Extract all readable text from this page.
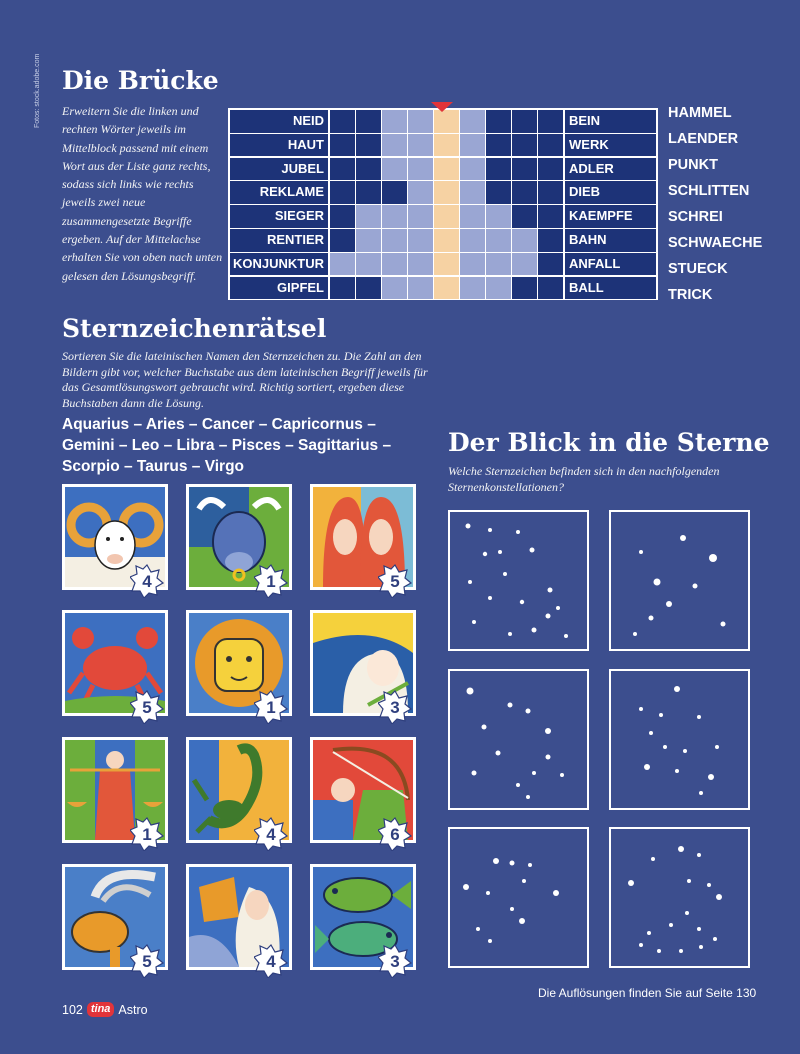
Fotos: stock.adobe.com Die Brücke
Erweitern Sie die linken und rechten Wörter jeweils im Mittelblock passend mit einem Wort aus der Liste ganz rechts, sodass sich links wie rechts jeweils zwei neue zusammengesetzte Begriffe ergeben. Auf der Mittelachse erhalten Sie von oben nach unten gelesen den Lösungsbegriff.
NEID	BEIN
HAUT	WERK
JUBEL	ADLER
REKLAME	DIEB
SIEGER	KAEMPFE
RENTIER	BAHN
KONJUNKTUR	ANFALL
GIPFEL	BALL
HAMMEL
LAENDER
PUNKT
SCHLITTEN
SCHREI
SCHWAECHE
STUECK
TRICK
Sternzeichenrätsel
Sortieren Sie die lateinischen Namen den Sternzeichen zu. Die Zahl an den Bildern gibt vor, welcher Buchstabe aus dem lateinischen Begriff jeweils für das Gesamtlösungswort gebraucht wird. Richtig sortiert, ergeben diese Buchstaben dann die Lösung.
Aquarius – Aries – Cancer – Capricornus –
Gemini – Leo – Libra – Pisces – Sagittarius –
Scorpio – Taurus – Virgo
4	1	5
5	1	3
1	4	6
5	4	3
Der Blick in die Sterne
Welche Sternzeichen befinden sich in den nachfolgenden Sternenkonstellationen?
Die Auflösungen finden Sie auf Seite 130
102 tina Astro
